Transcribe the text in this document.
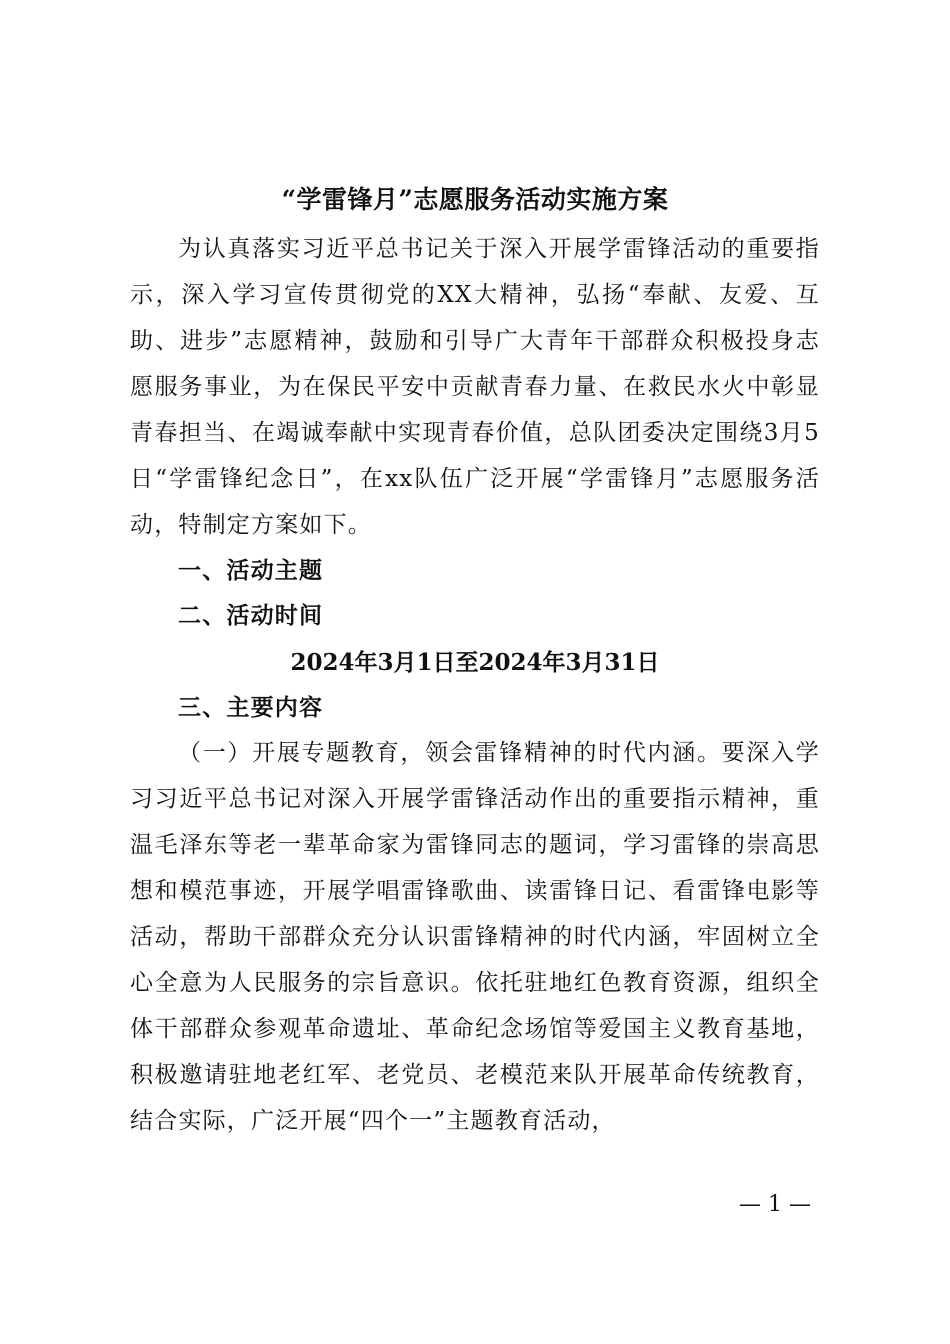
“学雷锋月”志愿服务活动实施方案
为认真落实习近平总书记关于深入开展学雷锋活动的重要指示，深入学习宣传贯彻党的XX大精神，弘扬“奉献、友爱、互助、进步”志愿精神，鼓励和引导广大青年干部群众积极投身志愿服务事业，为在保民平安中贡献青春力量、在救民水火中彰显青春担当、在竭诚奉献中实现青春价值，总队团委决定围绕3月5日“学雷锋纪念日”，在xx队伍广泛开展“学雷锋月”志愿服务活动，特制定方案如下。
一、活动主题
二、活动时间
2024年3月1日至2024年3月31日
三、主要内容
（一）开展专题教育，领会雷锋精神的时代内涵。要深入学习习近平总书记对深入开展学雷锋活动作出的重要指示精神，重温毛泽东等老一辈革命家为雷锋同志的题词，学习雷锋的崇高思想和模范事迹，开展学唱雷锋歌曲、读雷锋日记、看雷锋电影等活动，帮助干部群众充分认识雷锋精神的时代内涵，牢固树立全心全意为人民服务的宗旨意识。依托驻地红色教育资源，组织全体干部群众参观革命遗址、革命纪念场馆等爱国主义教育基地，积极邀请驻地老红军、老党员、老模范来队开展革命传统教育，结合实际，广泛开展“四个一”主题教育活动，
— 1 —
